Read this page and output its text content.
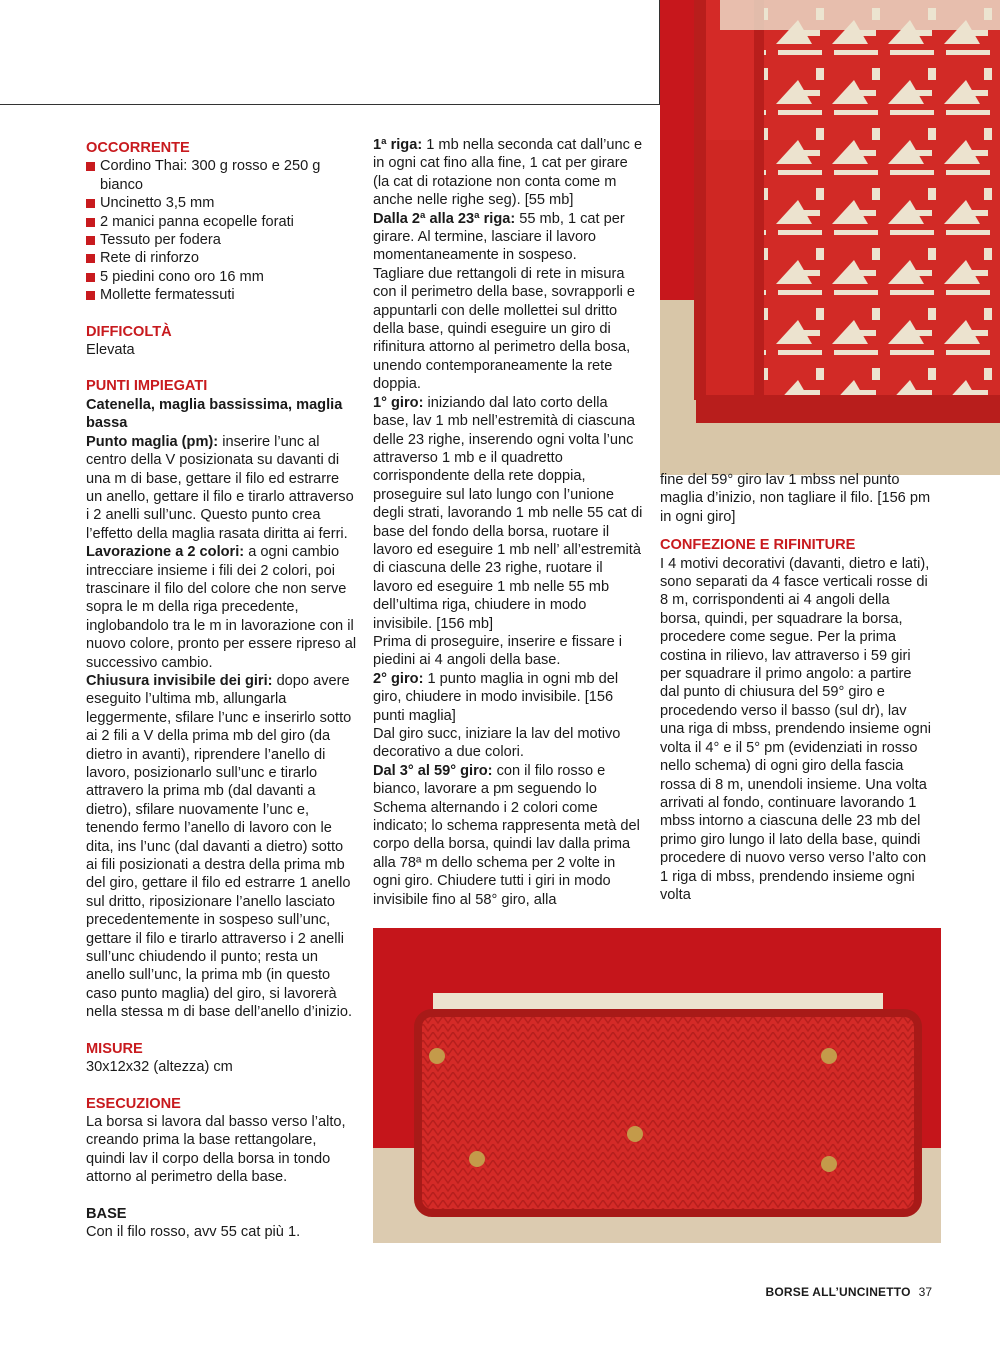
OCCORRENTE

Cordino Thai: 300 g rosso e 250 g bianco
Uncinetto 3,5 mm
2 manici panna ecopelle forati
Tessuto per fodera
Rete di rinforzo
5 piedini cono oro 16 mm
Mollette fermatessuti

DIFFICOLTÀ

Elevata

PUNTI IMPIEGATI

Catenella, maglia bassissima, maglia bassa

Punto maglia (pm): inserire l’unc al centro della V posizionata su davanti di una m di base, gettare il filo ed estrarre un anello, gettare il filo e tirarlo attraverso i 2 anelli sull’unc. Questo punto crea l’effetto della maglia rasata diritta ai ferri.

Lavorazione a 2 colori: a ogni cambio intrecciare insieme i fili dei 2 colori, poi trascinare il filo del colore che non serve sopra le m della riga precedente, inglobandolo tra le m in lavorazione con il nuovo colore, pronto per essere ripreso al successivo cambio.

Chiusura invisibile dei giri: dopo avere eseguito l’ultima mb, allungarla leggermente, sfilare l’unc e inserirlo sotto ai 2 fili a V della prima mb del giro (da dietro in avanti), riprendere l’anello di lavoro, posizionarlo sull’unc e tirarlo attravero la prima mb (dal davanti a dietro), sfilare nuovamente l’unc e, tenendo fermo l’anello di lavoro con le dita, ins l’unc (dal davanti a dietro) sotto ai fili posizionati a destra della prima mb del giro, gettare il filo ed estrarre 1 anello sul dritto, riposizionare l’anello lasciato precedentemente in sospeso sull’unc, gettare il filo e tirarlo attraverso i 2 anelli sull’unc chiudendo il punto; resta un anello sull’unc, la prima mb (in questo caso punto maglia) del giro, si lavorerà nella stessa m di base dell’anello d’inizio.

MISURE

30x12x32 (altezza) cm

ESECUZIONE

La borsa si lavora dal basso verso l’alto, creando prima la base rettangolare, quindi lav il corpo della borsa in tondo attorno al perimetro della base.

BASE

Con il filo rosso, avv 55 cat più 1.

1ª riga: 1 mb nella seconda cat dall’unc e in ogni cat fino alla fine, 1 cat per girare (la cat di rotazione non conta come m anche nelle righe seg). [55 mb]

Dalla 2ª alla 23ª riga: 55 mb, 1 cat per girare. Al termine, lasciare il lavoro momentaneamente in sospeso.

Tagliare due rettangoli di rete in misura con il perimetro della base, sovrapporli e appuntarli con delle mollettei sul dritto della base, quindi eseguire un giro di rifinitura attorno al perimetro della bosa, unendo contemporaneamente la rete doppia.

1° giro: iniziando dal lato corto della base, lav 1 mb nell’estremità di ciascuna delle 23 righe, inserendo ogni volta l’unc attraverso 1 mb e il quadretto corrispondente della rete doppia, proseguire sul lato lungo con l’unione degli strati, lavorando 1 mb nelle 55 cat di base del fondo della borsa, ruotare il lavoro ed eseguire 1 mb nell’ all’estremità di ciascuna delle 23 righe, ruotare il lavoro ed eseguire 1 mb nelle 55 mb dell’ultima riga, chiudere in modo invisibile. [156 mb]

Prima di proseguire, inserire e fissare i piedini ai 4 angoli della base.

2° giro: 1 punto maglia in ogni mb del giro, chiudere in modo invisibile. [156 punti maglia]

Dal giro succ, iniziare la lav del motivo decorativo a due colori.

Dal 3° al 59° giro: con il filo rosso e bianco, lavorare a pm seguendo lo Schema alternando i 2 colori come indicato; lo schema rappresenta metà del corpo della borsa, quindi lav dalla prima alla 78ª m dello schema per 2 volte in ogni giro. Chiudere tutti i giri in modo invisibile fino al 58° giro, alla

fine del 59° giro lav 1 mbss nel punto maglia d’inizio, non tagliare il filo. [156 pm in ogni giro]

CONFEZIONE E RIFINITURE

I 4 motivi decorativi (davanti, dietro e lati), sono separati da 4 fasce verticali rosse di 8 m, corrispondenti ai 4 angoli della borsa, quindi, per squadrare la borsa, procedere come segue. Per la prima costina in rilievo, lav attraverso i 59 giri per squadrare il primo angolo: a partire dal punto di chiusura del 59° giro e procedendo verso il basso (sul dr), lav una riga di mbss, prendendo insieme ogni volta il 4° e il 5° pm (evidenziati in rosso nello schema) di ogni giro della fascia rossa di 8 m, unendoli insieme. Una volta arrivati al fondo, continuare lavorando 1 mbss intorno a ciascuna delle 23 mb del primo giro lungo il lato della base, quindi procedere di nuovo verso verso l’alto con 1 riga di mbss, prendendo insieme ogni volta

BORSE ALL’UNCINETTO 37
